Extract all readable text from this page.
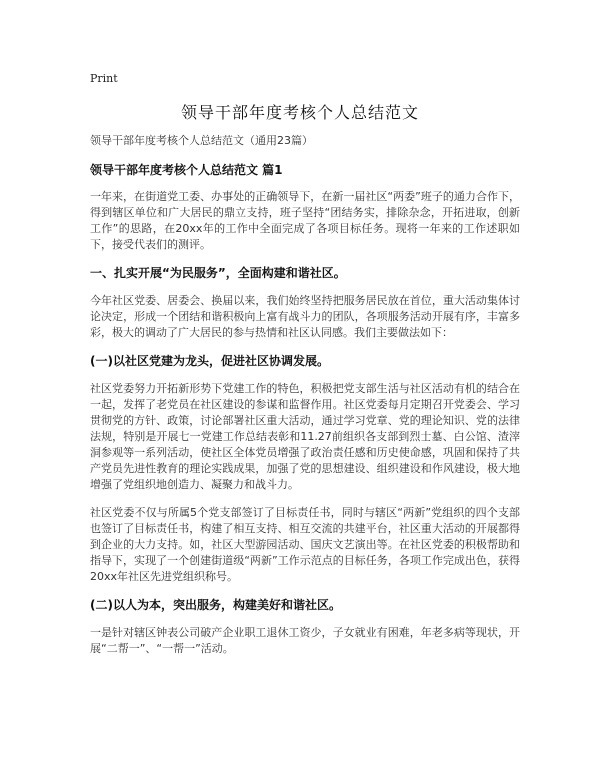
Print
领导干部年度考核个人总结范文

领导干部年度考核个人总结范文（通用23篇）

领导干部年度考核个人总结范文 篇1

一年来，在街道党工委、办事处的正确领导下，在新一届社区“两委”班子的通力合作下，得到辖区单位和广大居民的鼎立支持，班子坚持“团结务实，排除杂念，开拓进取，创新工作”的思路，在20xx年的工作中全面完成了各项目标任务。现将一年来的工作述职如下，接受代表们的测评。

一、扎实开展“为民服务”，全面构建和谐社区。

今年社区党委、居委会、换届以来，我们始终坚持把服务居民放在首位，重大活动集体讨论决定，形成一个团结和谐积极向上富有战斗力的团队，各项服务活动开展有序，丰富多彩，极大的调动了广大居民的参与热情和社区认同感。我们主要做法如下：

(一)以社区党建为龙头，促进社区协调发展。

社区党委努力开拓新形势下党建工作的特色，积极把党支部生活与社区活动有机的结合在一起，发挥了老党员在社区建设的参谋和监督作用。社区党委每月定期召开党委会、学习贯彻党的方针、政策，讨论部署社区重大活动，通过学习党章、党的理论知识、党的法律法规，特别是开展七一党建工作总结表彰和11.27前组织各支部到烈士墓、白公馆、渣滓洞参观等一系列活动，使社区全体党员增强了政治责任感和历史使命感，巩固和保持了共产党员先进性教育的理论实践成果，加强了党的思想建设、组织建设和作风建设，极大地增强了党组织地创造力、凝聚力和战斗力。

社区党委不仅与所属5个党支部签订了目标责任书，同时与辖区“两新”党组织的四个支部也签订了目标责任书，构建了相互支持、相互交流的共建平台，社区重大活动的开展都得到企业的大力支持。如，社区大型游园活动、国庆文艺演出等。在社区党委的积极帮助和指导下，实现了一个创建街道级“两新”工作示范点的目标任务，各项工作完成出色，获得20xx年社区先进党组织称号。

(二)以人为本，突出服务，构建美好和谐社区。

一是针对辖区钟表公司破产企业职工退休工资少，子女就业有困难，年老多病等现状，开展“二帮一”、“一帮一”活动。
